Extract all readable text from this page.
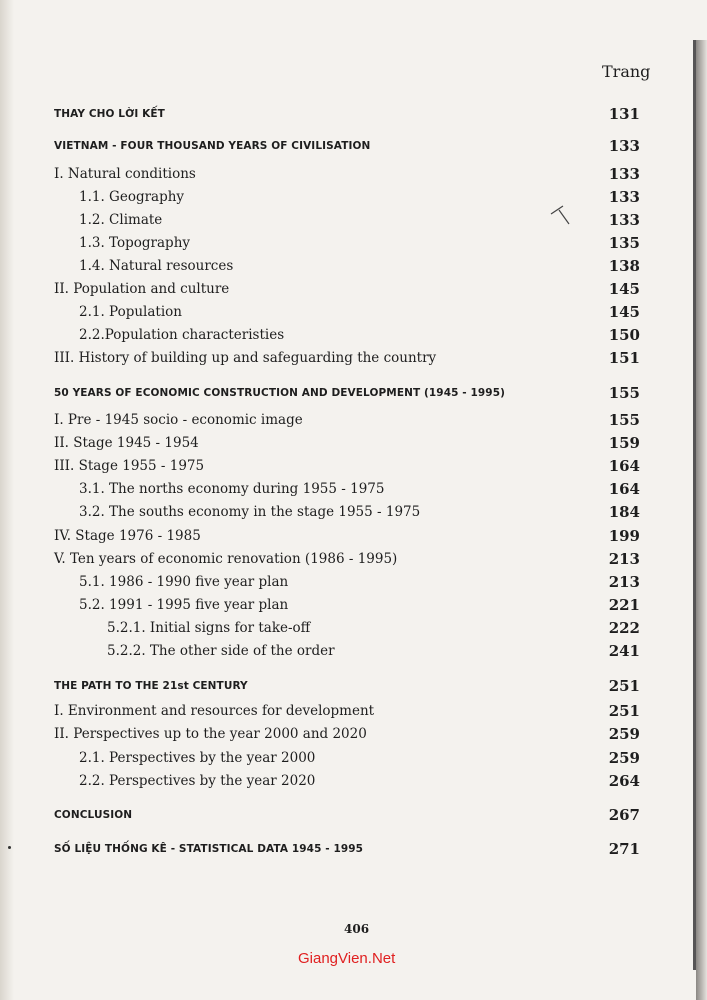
Trang
THAY CHO LỜI KẾT	131
VIETNAM - FOUR THOUSAND YEARS OF CIVILISATION	133
I. Natural conditions	133
1.1. Geography	133
1.2. Climate	133
1.3. Topography	135
1.4. Natural resources	138
II. Population and culture	145
2.1. Population	145
2.2.Population characteristies	150
III. History of building up and safeguarding the country	151
50 YEARS OF ECONOMIC CONSTRUCTION AND DEVELOPMENT (1945 - 1995)	155
I. Pre - 1945 socio - economic image	155
II. Stage 1945 - 1954	159
III. Stage 1955 - 1975	164
3.1. The norths economy during 1955 - 1975	164
3.2. The souths economy in the stage 1955 - 1975	184
IV. Stage 1976 - 1985	199
V. Ten years of economic renovation (1986 - 1995)	213
5.1. 1986 - 1990 five year plan	213
5.2. 1991 - 1995 five year plan	221
5.2.1. Initial signs for take-off	222
5.2.2. The other side of the order	241
THE PATH TO THE 21st CENTURY	251
I. Environment and resources for development	251
II. Perspectives up to the year 2000 and 2020	259
2.1. Perspectives by the year 2000	259
2.2. Perspectives by the year 2020	264
CONCLUSION	267
SỐ LIỆU THỐNG KÊ - STATISTICAL DATA 1945 - 1995	271
406
GiangVien.Net
